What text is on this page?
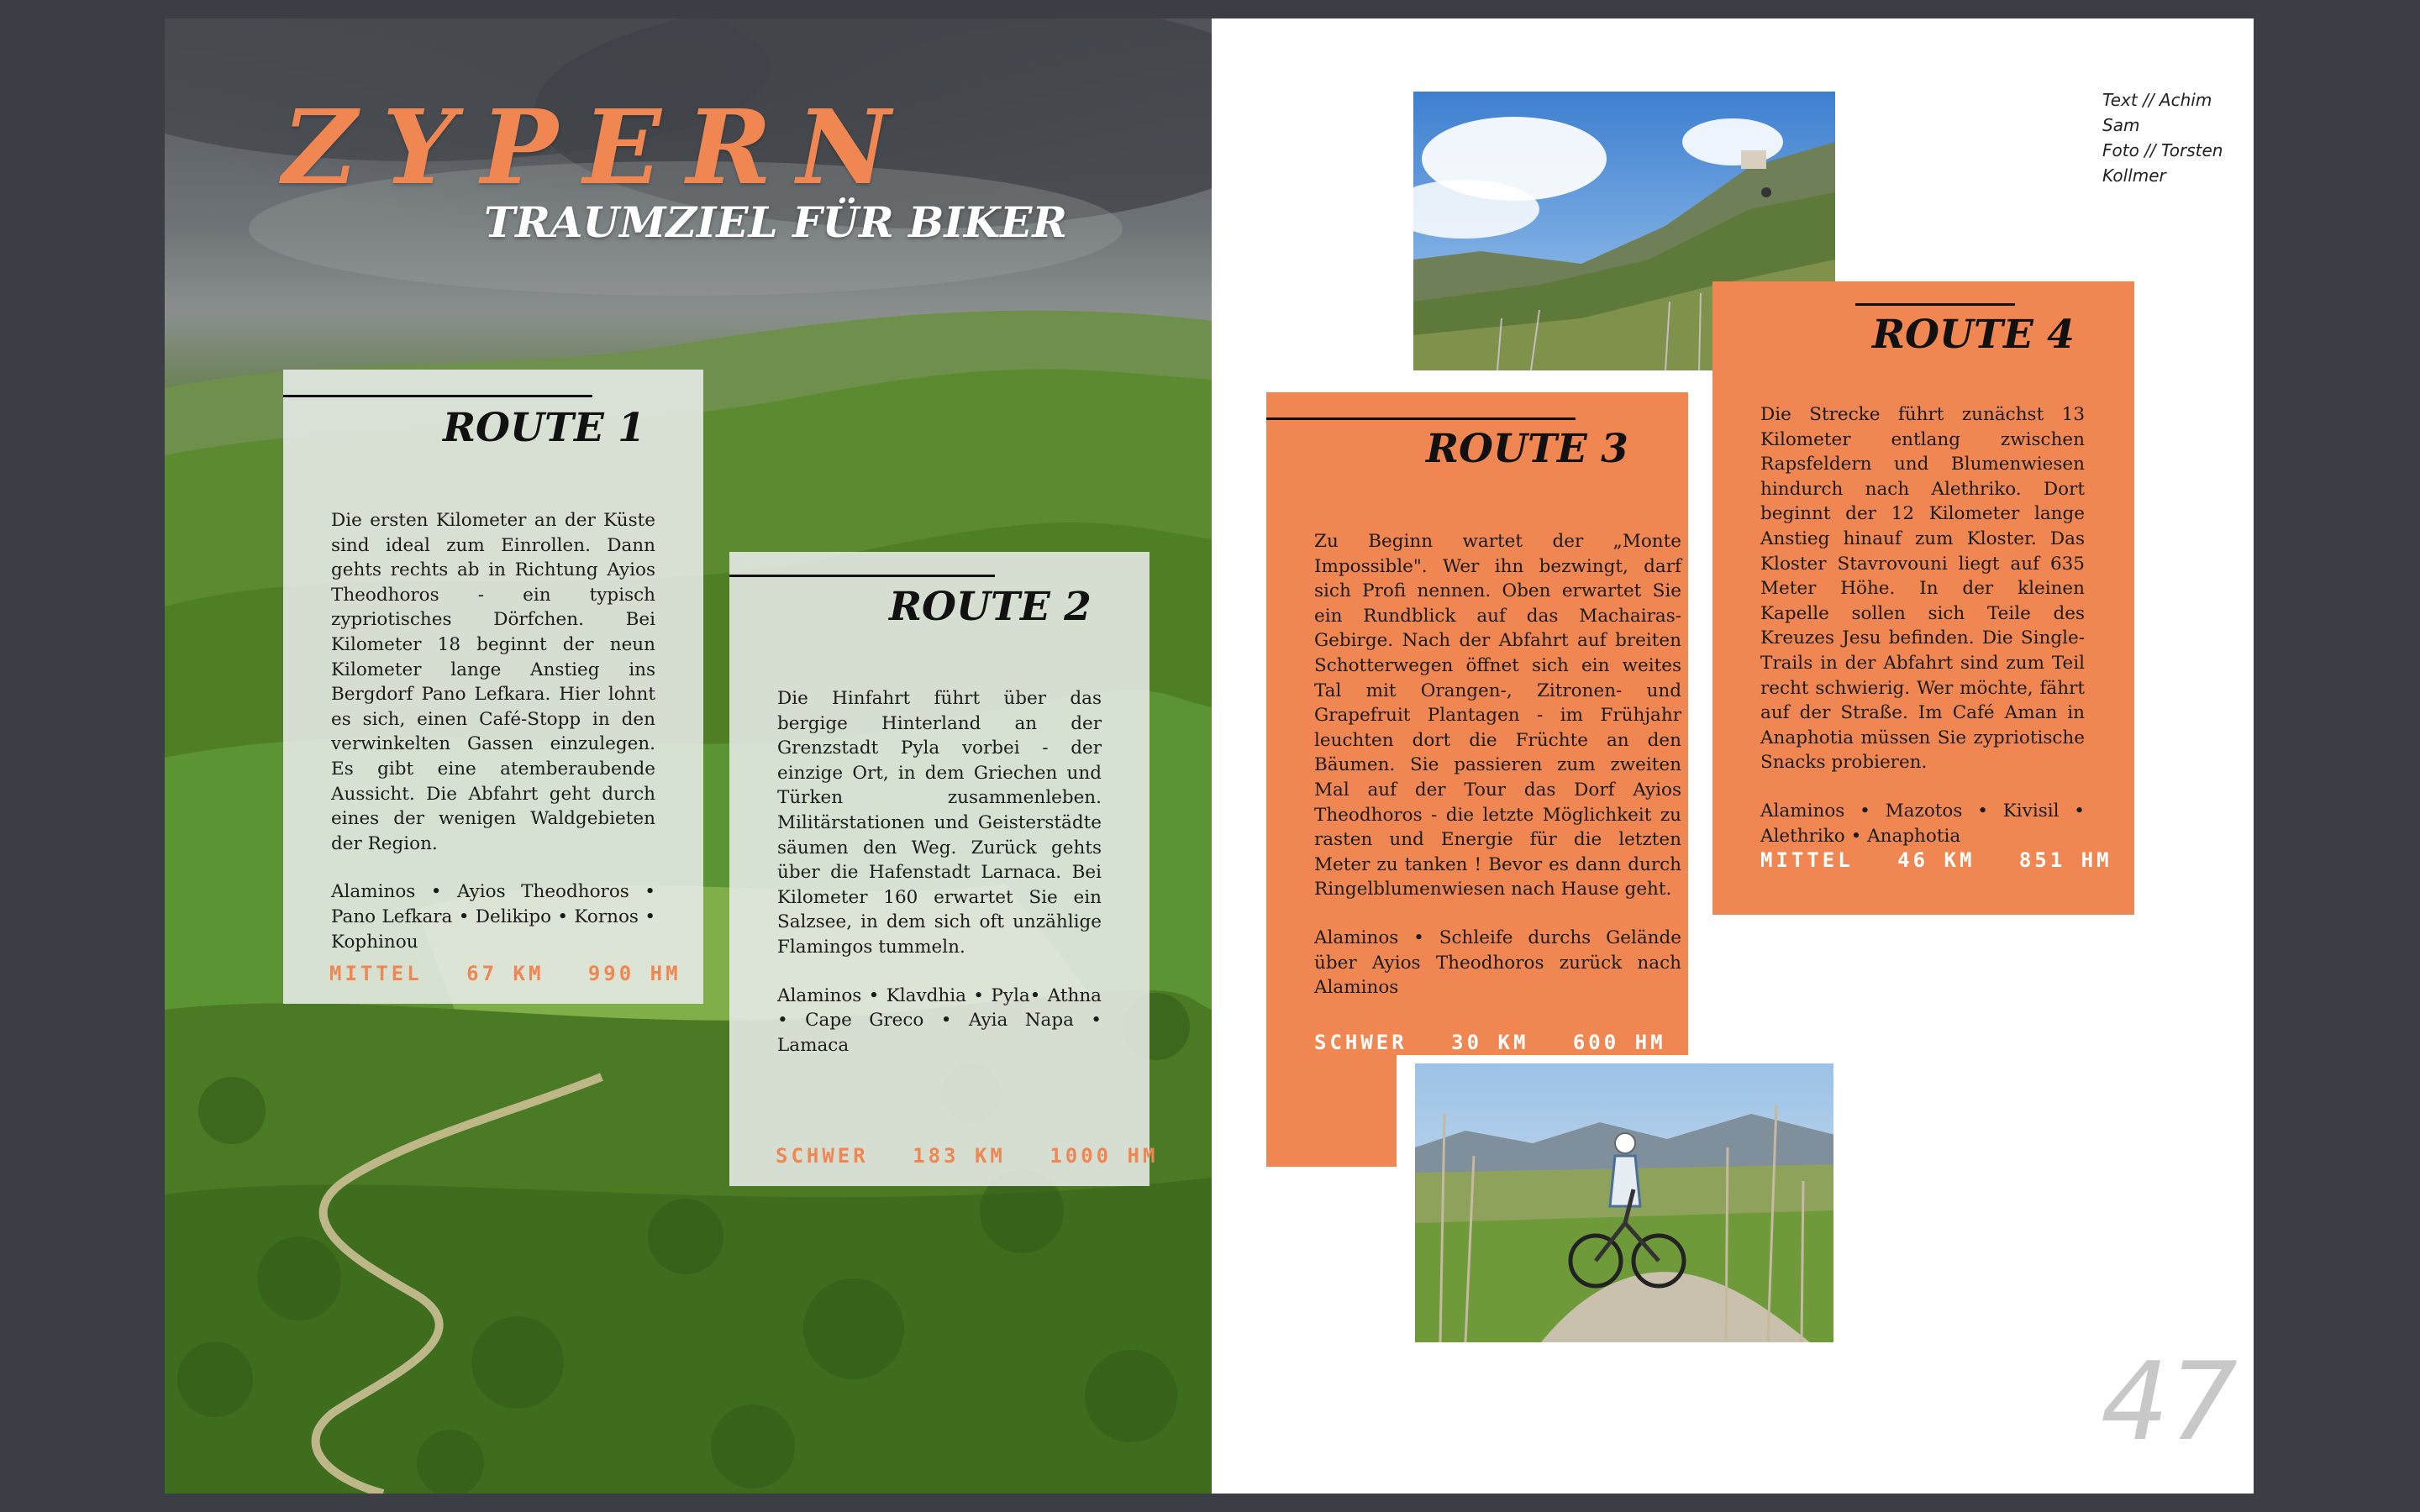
ZYPERN
TRAUMZIEL FÜR BIKER
ROUTE 1

Die ersten Kilometer an der Küste sind ideal zum Einrollen. Dann gehts rechts ab in Richtung Ayios Theodhoros - ein typisch zypriotisches Dörfchen. Bei Kilometer 18 beginnt der neun Kilometer lange Anstieg ins Bergdorf Pano Lefkara. Hier lohnt es sich, einen Café-Stopp in den verwinkelten Gassen einzulegen. Es gibt eine atemberaubende Aussicht. Die Abfahrt geht durch eines der wenigen Waldgebieten der Region.

Alaminos • Ayios Theodhoros • Pano Lefkara • Delikipo • Kornos • Kophinou

MITTEL 67 KM 990 HM
ROUTE 2

Die Hinfahrt führt über das bergige Hinterland an der Grenzstadt Pyla vorbei - der einzige Ort, in dem Griechen und Türken zusammenleben. Militärstationen und Geisterstädte säumen den Weg. Zurück gehts über die Hafenstadt Larnaca. Bei Kilometer 160 erwartet Sie ein Salzsee, in dem sich oft unzählige Flamingos tummeln.

Alaminos • Klavdhia • Pyla• Athna • Cape Greco • Ayia Napa • Lamaca

SCHWER 183 KM 1000 HM
Text // Achim Sam
Foto // Torsten Kollmer
ROUTE 3

Zu Beginn wartet der „Monte Impossible". Wer ihn bezwingt, darf sich Profi nennen. Oben erwartet Sie ein Rundblick auf das Machairas-Gebirge. Nach der Abfahrt auf breiten Schotterwegen öffnet sich ein weites Tal mit Orangen-, Zitronen- und Grapefruit Plantagen - im Frühjahr leuchten dort die Früchte an den Bäumen. Sie passieren zum zweiten Mal auf der Tour das Dorf Ayios Theodhoros - die letzte Möglichkeit zu rasten und Energie für die letzten Meter zu tanken ! Bevor es dann durch Ringelblumenwiesen nach Hause geht.

Alaminos • Schleife durchs Gelände über Ayios Theodhoros zurück nach Alaminos

SCHWER 30 KM 600 HM
ROUTE 4

Die Strecke führt zunächst 13 Kilometer entlang zwischen Rapsfeldern und Blumenwiesen hindurch nach Alethriko. Dort beginnt der 12 Kilometer lange Anstieg hinauf zum Kloster. Das Kloster Stavrovouni liegt auf 635 Meter Höhe. In der kleinen Kapelle sollen sich Teile des Kreuzes Jesu befinden. Die Single-Trails in der Abfahrt sind zum Teil recht schwierig. Wer möchte, fährt auf der Straße. Im Café Aman in Anaphotia müssen Sie zypriotische Snacks probieren.

Alaminos • Mazotos • Kivisil • Alethriko • Anaphotia

MITTEL 46 KM 851 HM
47
